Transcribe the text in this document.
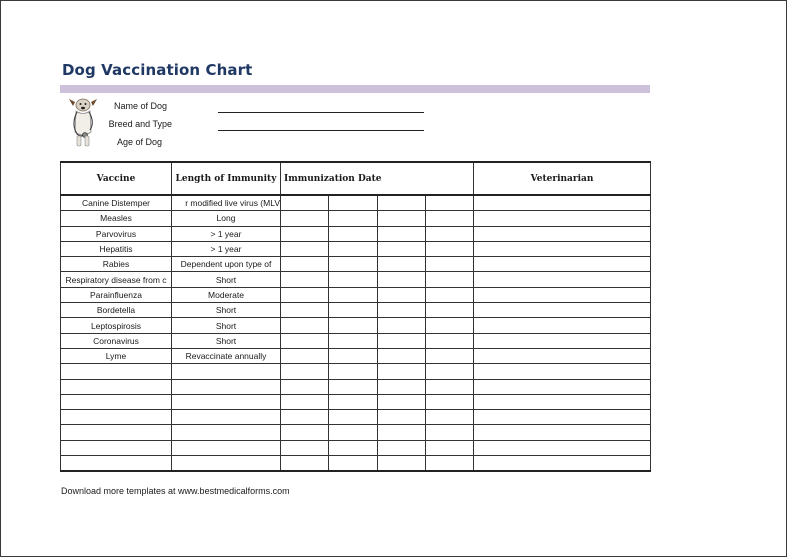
Dog Vaccination Chart
Name of Dog
Breed and Type
Age of Dog
Vaccine	Length of Immunity	Immunization Date				Veterinarian
Canine Distemper	r modified live virus (MLV					
Measles	Long					
Parvovirus	> 1 year					
Hepatitis	> 1 year					
Rabies	Dependent upon type of					
Respiratory disease from c	Short					
Parainfluenza	Moderate					
Bordetella	Short					
Leptospirosis	Short					
Coronavirus	Short					
Lyme	Revaccinate annually					

Download more templates at www.bestmedicalforms.com
